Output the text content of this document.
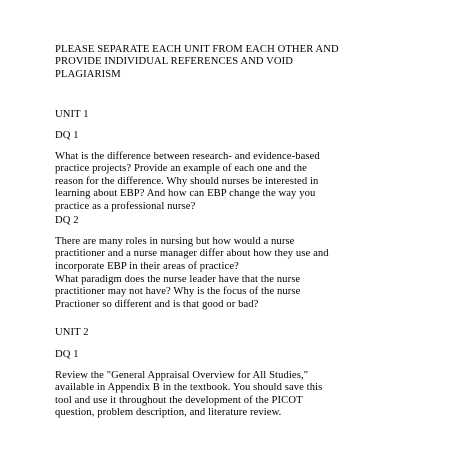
PLEASE SEPARATE EACH UNIT FROM EACH OTHER AND
PROVIDE INDIVIDUAL REFERENCES AND VOID
PLAGIARISM
UNIT 1
DQ 1
What is the difference between research- and evidence-based
practice projects? Provide an example of each one and the
reason for the difference. Why should nurses be interested in
learning about EBP? And how can EBP change the way you
practice as a professional nurse?
DQ 2
There are many roles in nursing but how would a nurse
practitioner and a nurse manager differ about how they use and
incorporate EBP in their areas of practice?
What paradigm does the nurse leader have that the nurse
practitioner may not have? Why is the focus of the nurse
Practioner so different and is that good or bad?
UNIT 2
DQ 1
Review the "General Appraisal Overview for All Studies,"
available in Appendix B in the textbook. You should save this
tool and use it throughout the development of the PICOT
question, problem description, and literature review.
